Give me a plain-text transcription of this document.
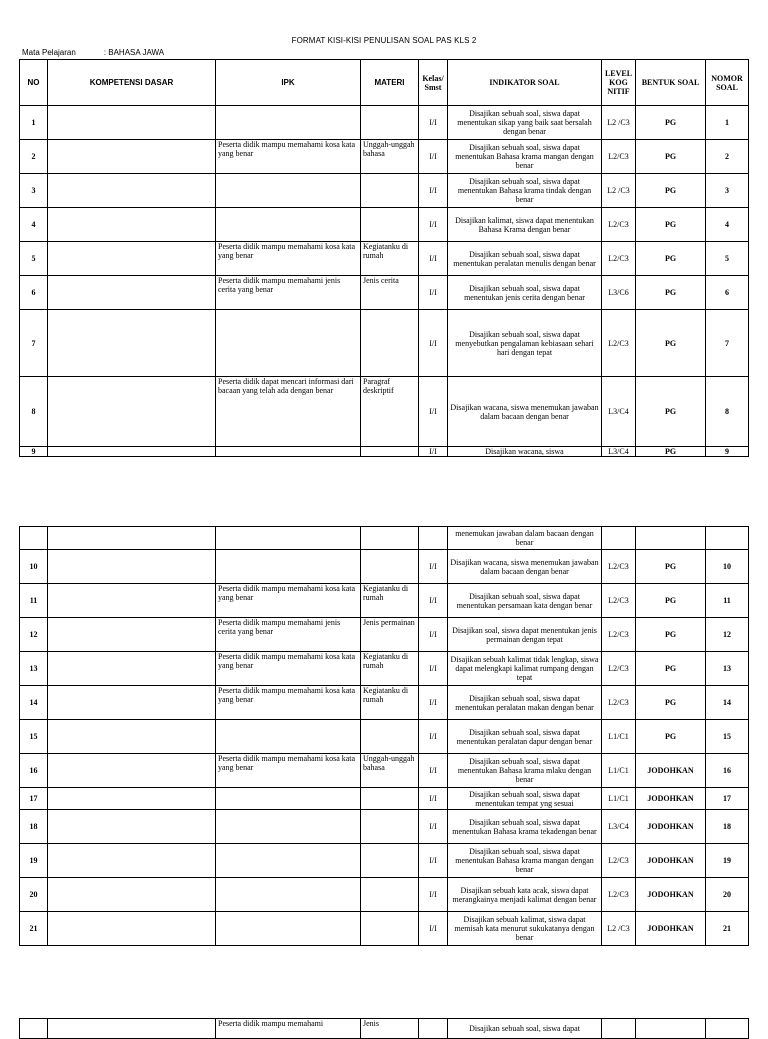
FORMAT KISI-KISI PENULISAN SOAL PAS KLS 2
Mata Pelajaran	: BAHASA JAWA
NO	KOMPETENSI DASAR	IPK	MATERI	Kelas/ Smst	INDIKATOR SOAL	LEVEL KOG NITIF	BENTUK SOAL	NOMOR SOAL
1				I/I	Disajikan sebuah soal, siswa dapat menentukan sikap yang baik saat bersalah dengan benar	L2 /C3	PG	1
2		Peserta didik mampu memahami kosa kata yang benar	Unggah-unggah bahasa	I/I	Disajikan sebuah soal, siswa dapat menentukan Bahasa krama mangan dengan benar	L2/C3	PG	2
3				I/I	Disajikan sebuah soal, siswa dapat menentukan Bahasa krama tindak dengan benar	L2 /C3	PG	3
4				I/I	Disajikan kalimat, siswa dapat menentukan Bahasa Krama dengan benar	L2/C3	PG	4
5		Peserta didik mampu memahami kosa kata yang benar	Kegiatanku di rumah	I/I	Disajikan sebuah soal, siswa dapat menentukan peralatan menulis dengan benar	L2/C3	PG	5
6		Peserta didik mampu memahami jenis cerita yang benar	Jenis cerita	I/I	Disajikan sebuah soal, siswa dapat menentukan jenis cerita dengan benar	L3/C6	PG	6
7				I/I	Disajikan sebuah soal, siswa dapat menyebutkan pengalaman kebiasaan sehari hari dengan tepat	L2/C3	PG	7
8		Peserta didik dapat mencari informasi dari bacaan yang telah ada dengan benar	Paragraf deskriptif	I/I	Disajikan wacana, siswa menemukan jawaban dalam bacaan dengan benar	L3/C4	PG	8
9				I/I	Disajikan wacana, siswa	L3/C4	PG	9
					menemukan jawaban dalam bacaan dengan benar			
10				I/I	Disajikan wacana, siswa menemukan jawaban dalam bacaan dengan benar	L2/C3	PG	10
11		Peserta didik mampu memahami kosa kata yang benar	Kegiatanku di rumah	I/I	Disajikan sebuah soal, siswa dapat menentukan persamaan kata dengan benar	L2/C3	PG	11
12		Peserta didik mampu memahami jenis cerita yang benar	Jenis permainan	I/I	Disajikan soal, siswa dapat menentukan jenis permainan dengan tepat	L2/C3	PG	12
13		Peserta didik mampu memahami kosa kata yang benar	Kegiatanku di rumah	I/I	Disajikan sebuah kalimat tidak lengkap, siswa dapat melengkapi kalimat rumpang dengan tepat	L2/C3	PG	13
14		Peserta didik mampu memahami kosa kata yang benar	Kegiatanku di rumah	I/I	Disajikan sebuah soal, siswa dapat menentukan peralatan makan dengan benar	L2/C3	PG	14
15				I/I	Disajikan sebuah soal, siswa dapat menentukan peralatan dapur dengan benar	L1/C1	PG	15
16		Peserta didik mampu memahami kosa kata yang benar	Unggah-unggah bahasa	I/I	Disajikan sebuah soal, siswa dapat menentukan Bahasa krama mlaku dengan benar	L1/C1	JODOHKAN	16
17				I/I	Disajikan sebuah soal, siswa dapat menentukan tempat yng sesuai	L1/C1	JODOHKAN	17
18				I/I	Disajikan sebuah soal, siswa dapat menentukan Bahasa krama tekadengan benar	L3/C4	JODOHKAN	18
19				I/I	Disajikan sebuah soal, siswa dapat menentukan Bahasa krama mangan dengan benar	L2/C3	JODOHKAN	19
20				I/I	Disajikan sebuah kata acak, siswa dapat merangkainya menjadi kalimat dengan benar	L2/C3	JODOHKAN	20
21				I/I	Disajikan sebuah kalimat, siswa dapat memisah kata menurut sukukatanya dengan benar	L2 /C3	JODOHKAN	21
		Peserta didik mampu memahami	Jenis		Disajikan sebuah soal, siswa dapat			
